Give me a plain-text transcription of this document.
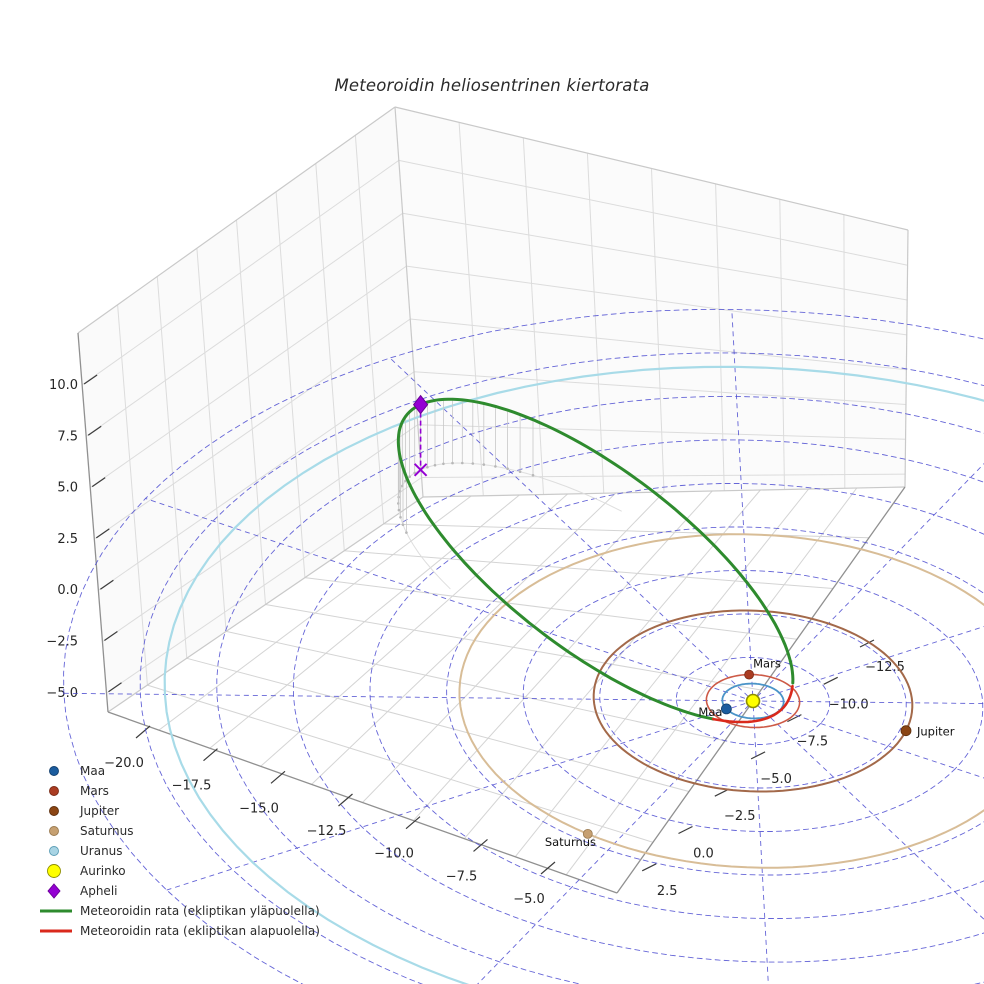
−20.0
−17.5
−15.0
−12.5
−10.0
−7.5
−5.0
−12.5
−10.0
−7.5
−5.0
−2.5
0.0
2.5
10.0
7.5
5.0
2.5
0.0
−2.5
−5.0
Saturnus
Jupiter
Mars
Maa
Meteoroidin heliosentrinen kiertorata
Maa
Mars
Jupiter
Saturnus
Uranus
Aurinko
Apheli
Meteoroidin rata (ekliptikan yläpuolella)
Meteoroidin rata (ekliptikan alapuolella)
